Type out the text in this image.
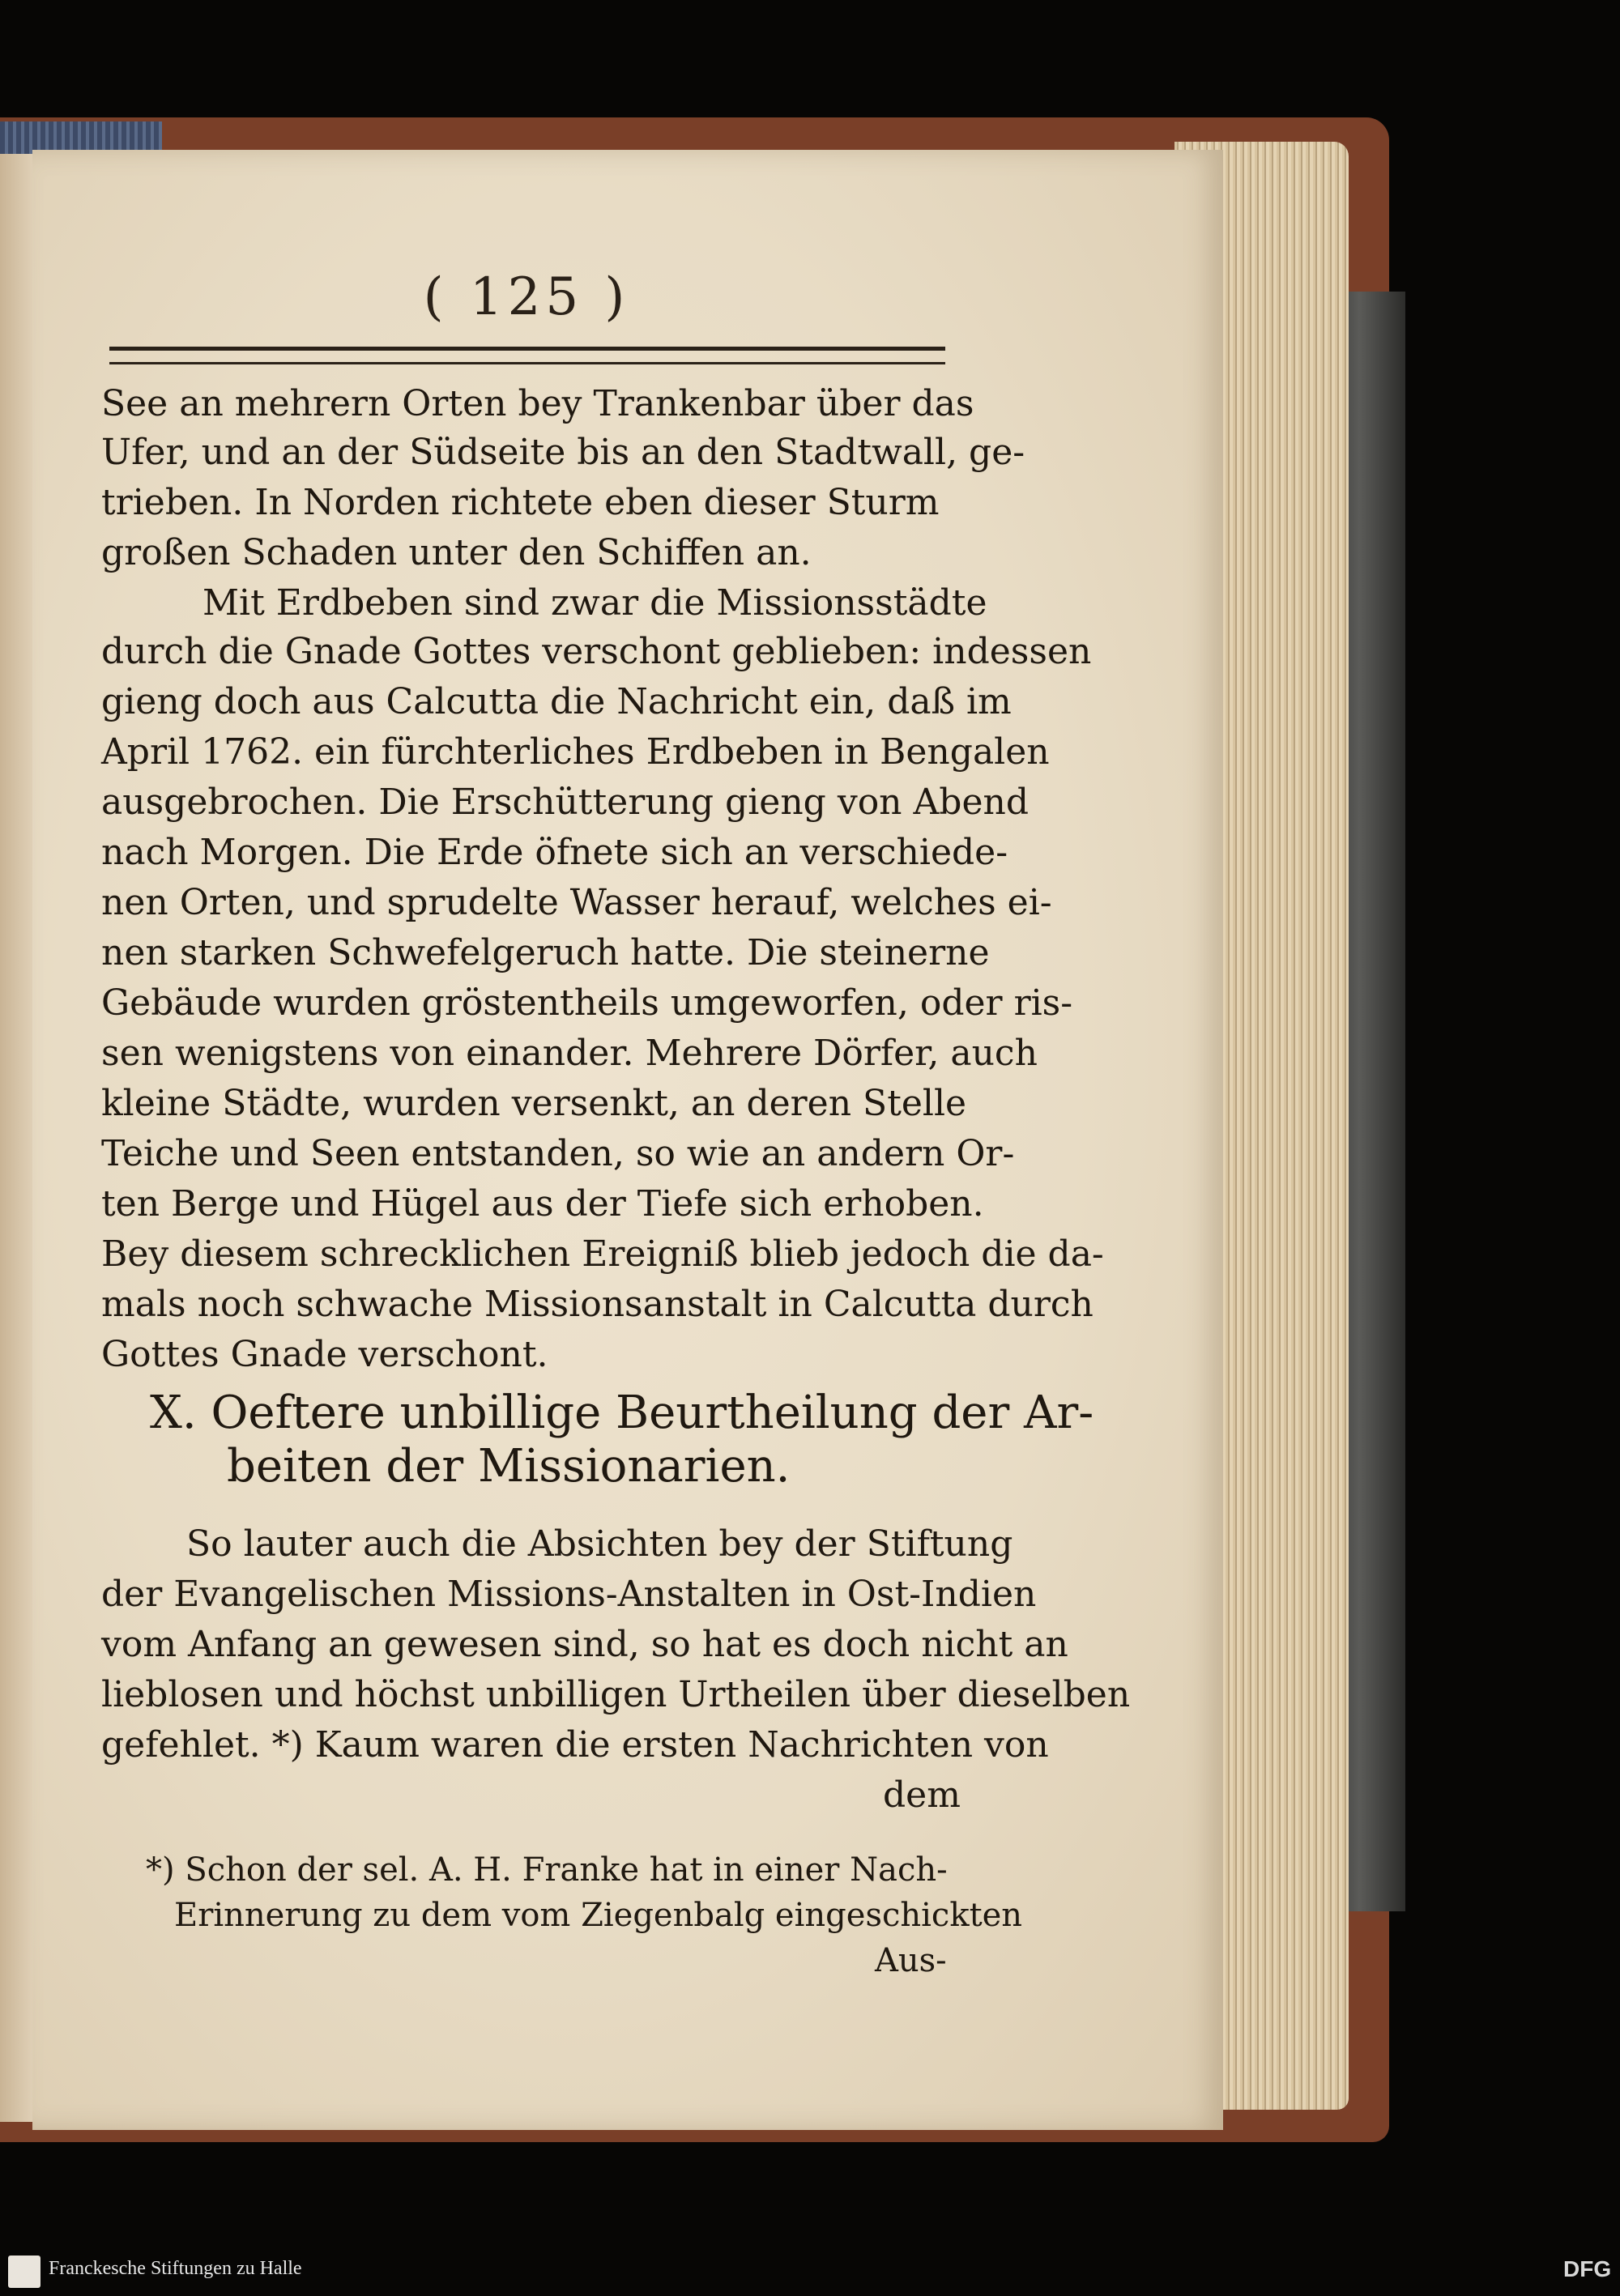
( 125 )
See an mehrern Orten bey Trankenbar über das
Ufer, und an der Südseite bis an den Stadtwall, ge-
trieben. In Norden richtete eben dieser Sturm
großen Schaden unter den Schiffen an.
Mit Erdbeben sind zwar die Missionsstädte
durch die Gnade Gottes verschont geblieben: indessen
gieng doch aus Calcutta die Nachricht ein, daß im
April 1762. ein fürchterliches Erdbeben in Bengalen
ausgebrochen. Die Erschütterung gieng von Abend
nach Morgen. Die Erde öfnete sich an verschiede-
nen Orten, und sprudelte Wasser herauf, welches ei-
nen starken Schwefelgeruch hatte. Die steinerne
Gebäude wurden gröstentheils umgeworfen, oder ris-
sen wenigstens von einander. Mehrere Dörfer, auch
kleine Städte, wurden versenkt, an deren Stelle
Teiche und Seen entstanden, so wie an andern Or-
ten Berge und Hügel aus der Tiefe sich erhoben.
Bey diesem schrecklichen Ereigniß blieb jedoch die da-
mals noch schwache Missionsanstalt in Calcutta durch
Gottes Gnade verschont.
X. Oeftere unbillige Beurtheilung der Ar-
beiten der Missionarien.
So lauter auch die Absichten bey der Stiftung
der Evangelischen Missions-Anstalten in Ost-Indien
vom Anfang an gewesen sind, so hat es doch nicht an
lieblosen und höchst unbilligen Urtheilen über dieselben
gefehlet. *) Kaum waren die ersten Nachrichten von
dem
*) Schon der sel. A. H. Franke hat in einer Nach-
Erinnerung zu dem vom Ziegenbalg eingeschickten
Aus-
Franckesche Stiftungen zu Halle	DFG
